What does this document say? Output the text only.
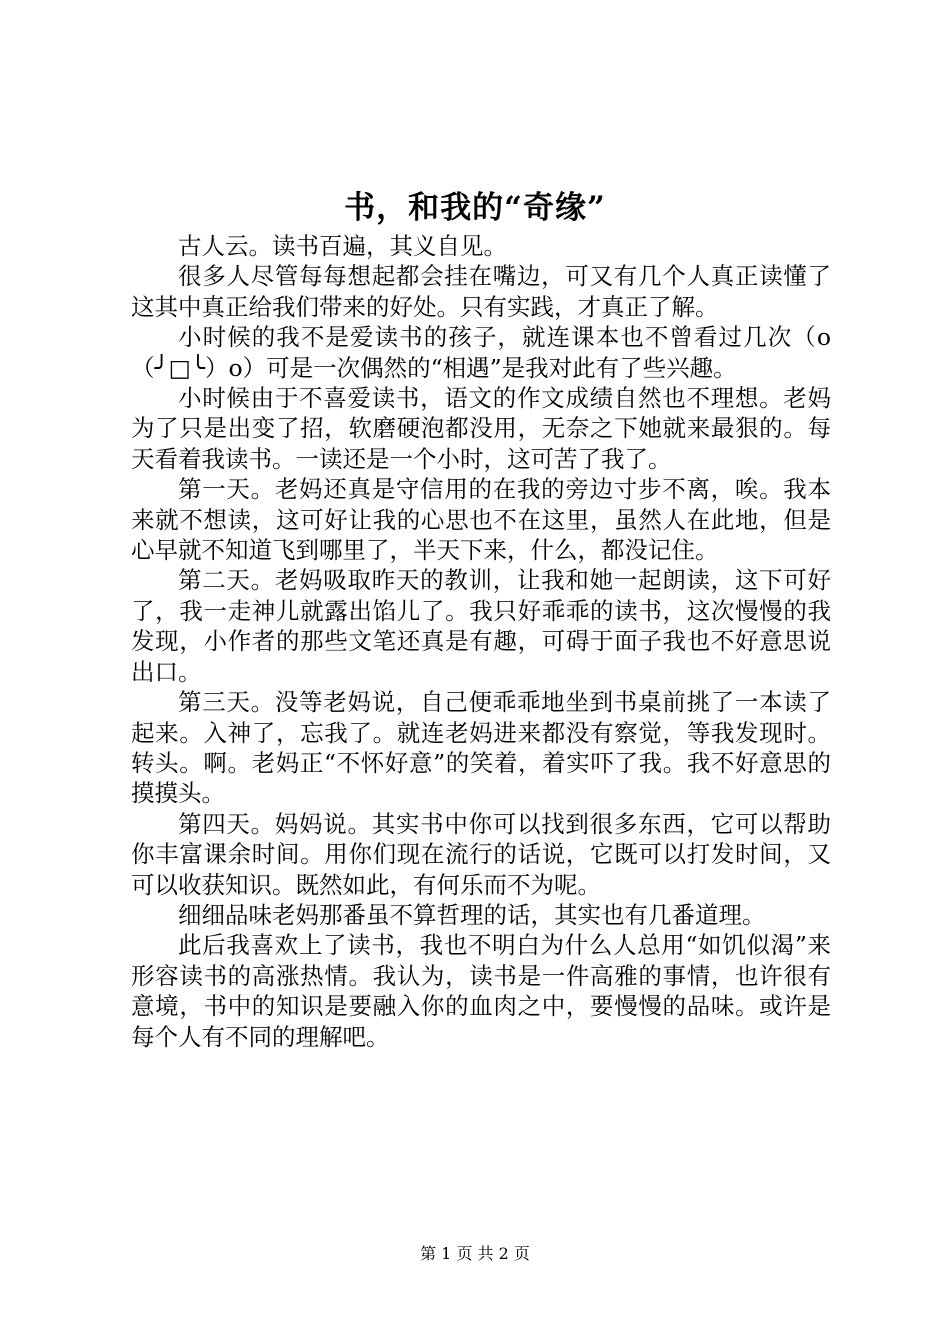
书，和我的“奇缘”

古人云。读书百遍，其义自见。

很多人尽管每每想起都会挂在嘴边，可又有几个人真正读懂了这其中真正给我们带来的好处。只有实践，才真正了解。

小时候的我不是爱读书的孩子，就连课本也不曾看过几次（o（╯□╰）o）可是一次偶然的“相遇”是我对此有了些兴趣。

小时候由于不喜爱读书，语文的作文成绩自然也不理想。老妈为了只是出变了招，软磨硬泡都没用，无奈之下她就来最狠的。每天看着我读书。一读还是一个小时，这可苦了我了。

第一天。老妈还真是守信用的在我的旁边寸步不离，唉。我本来就不想读，这可好让我的心思也不在这里，虽然人在此地，但是心早就不知道飞到哪里了，半天下来，什么，都没记住。

第二天。老妈吸取昨天的教训，让我和她一起朗读，这下可好了，我一走神儿就露出馅儿了。我只好乖乖的读书，这次慢慢的我发现，小作者的那些文笔还真是有趣，可碍于面子我也不好意思说出口。

第三天。没等老妈说，自己便乖乖地坐到书桌前挑了一本读了起来。入神了，忘我了。就连老妈进来都没有察觉，等我发现时。转头。啊。老妈正“不怀好意”的笑着，着实吓了我。我不好意思的摸摸头。

第四天。妈妈说。其实书中你可以找到很多东西，它可以帮助你丰富课余时间。用你们现在流行的话说，它既可以打发时间，又可以收获知识。既然如此，有何乐而不为呢。

细细品味老妈那番虽不算哲理的话，其实也有几番道理。

此后我喜欢上了读书，我也不明白为什么人总用“如饥似渴”来形容读书的高涨热情。我认为，读书是一件高雅的事情，也许很有意境，书中的知识是要融入你的血肉之中，要慢慢的品味。或许是每个人有不同的理解吧。

第 1 页 共 2 页
